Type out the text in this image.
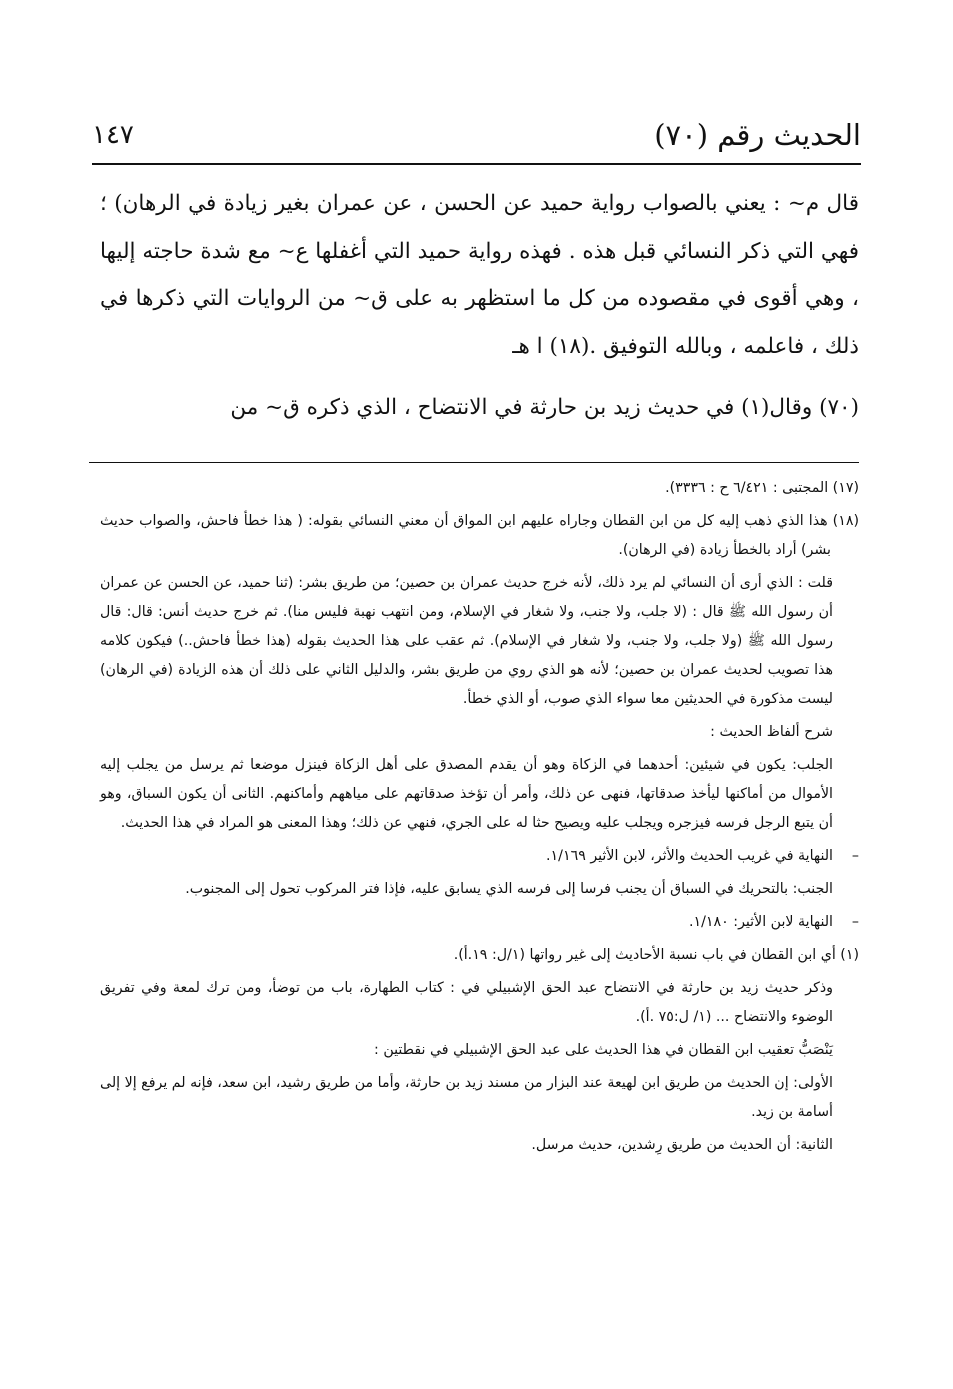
الحديث رقم (٧٠)
١٤٧

قال م~ : يعني بالصواب رواية حميد عن الحسن ، عن عمران بغير زيادة في الرهان) ؛ فهي التي ذكر النسائي قبل هذه . فهذه رواية حميد التي أغفلها ع~ مع شدة حاجته إليها ، وهي أقوى في مقصوده من كل ما استظهر به على ق~ من الروايات التي ذكرها في ذلك ، فاعلمه ، وبالله التوفيق .(١٨) ا هـ

(٧٠) وقال(١) في حديث زيد بن حارثة في الانتضاح ، الذي ذكره ق~ من

(١٧) المجتبى : ٦/٤٢١ ح : ٣٣٣٦).

(١٨) هذا الذي ذهب إليه كل من ابن القطان وجاراه عليهم ابن المواق أن معني النسائي بقوله: ( هذا خطأ فاحش، والصواب حديث بشر) أراد بالخطأ زيادة (في الرهان).

قلت : الذي أرى أن النسائي لم يرد ذلك، لأنه خرج حديث عمران بن حصين؛ من طريق بشر: (ثنا حميد، عن الحسن عن عمران أن رسول الله ﷺ قال : (لا جلب، ولا جنب، ولا شغار في الإسلام، ومن انتهب نهبة فليس منا). ثم خرج حديث أنس: قال: قال رسول الله ﷺ (ولا جلب، ولا جنب، ولا شغار في الإسلام). ثم عقب على هذا الحديث بقوله (هذا خطأ فاحش..) فيكون كلامه هذا تصويب لحديث عمران بن حصين؛ لأنه هو الذي روي من طريق بشر، والدليل الثاني على ذلك أن هذه الزيادة (في الرهان) ليست مذكورة في الحديثين معا سواء الذي صوب، أو الذي خطأ.

شرح ألفاظ الحديث :

الجلب: يكون في شيئين: أحدهما في الزكاة وهو أن يقدم المصدق على أهل الزكاة فينزل موضعا ثم يرسل من يجلب إليه الأموال من أماكنها ليأخذ صدقاتها، فنهى عن ذلك، وأمر أن تؤخذ صدقاتهم على مياههم وأماكنهم. الثانى أن يكون السباق، وهو أن يتبع الرجل فرسه فيزجره ويجلب عليه ويصيح حثا له على الجري، فنهي عن ذلك؛ وهذا المعنى هو المراد في هذا الحديث.

– النهاية في غريب الحديث والأثر، لابن الأثير ١/١٦٩.

الجنب: بالتحريك في السباق أن يجنب فرسا إلى فرسه الذي يسابق عليه، فإذا فتر المركوب تحول إلى المجنوب.

– النهاية لابن الأثير: ١/١٨٠.

(١) أي ابن القطان في باب نسبة الأحاديث إلى غير رواتها (١/ل: ١٩.أ).

وذكر حديث زيد بن حارثة في الانتضاح عبد الحق الإشبيلي في : كتاب الطهارة، باب من توضأ، ومن ترك لمعة وفي تفريق الوضوء والانتضاح ... (١/ ل:٧٥ .أ).

يَنْصَبُّ تعقيب ابن القطان في هذا الحديث على عبد الحق الإشبيلي في نقطتين :

الأولى: إن الحديث من طريق ابن لهيعة عند البزار من مسند زيد بن حارثة، وأما من طريق رشيد، ابن سعد، فإنه لم يرفع إلا إلى أسامة بن زيد.

الثانية: أن الحديث من طريق رِشدين، حديث مرسل.
